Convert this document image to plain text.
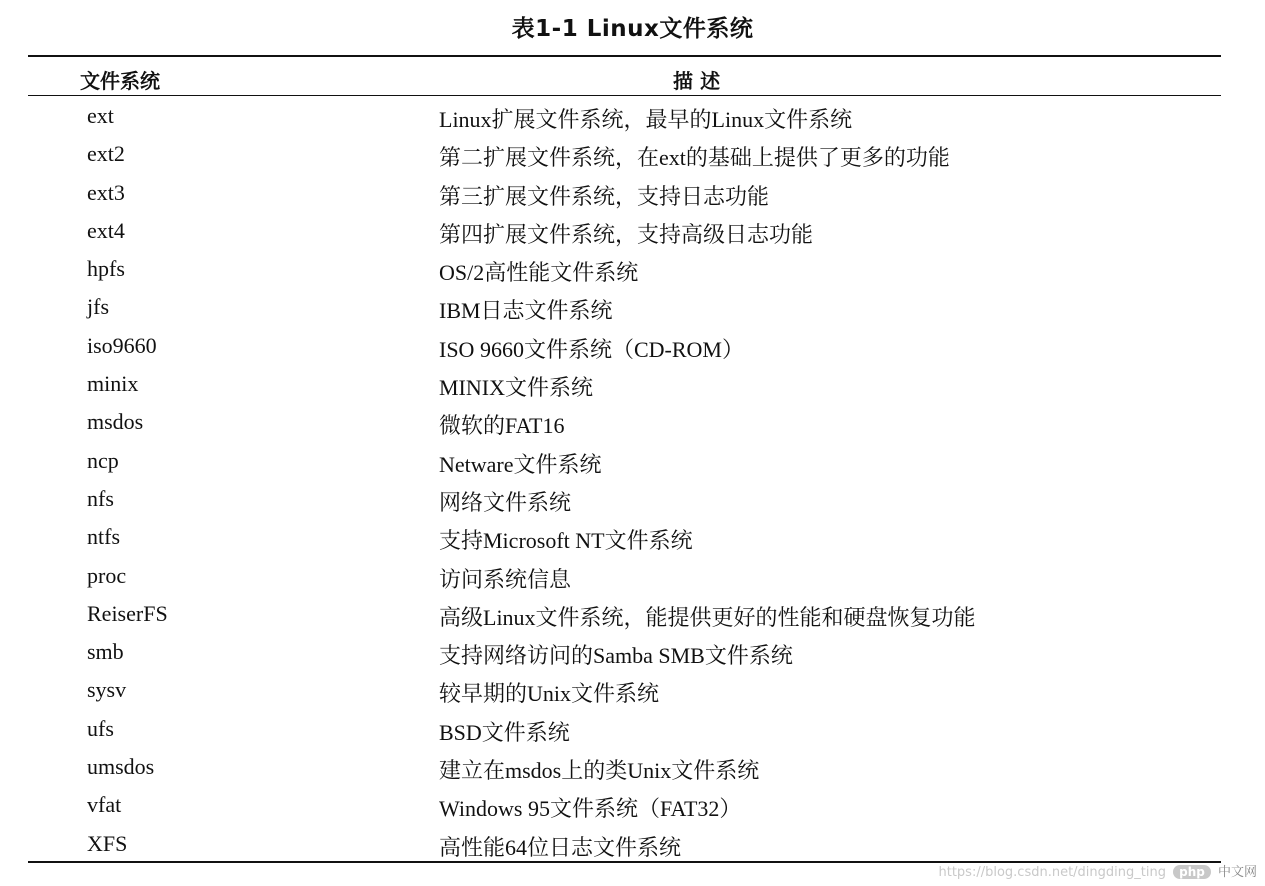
表1-1 Linux文件系统
文件系统	描 述
ext	Linux扩展文件系统，最早的Linux文件系统
ext2	第二扩展文件系统，在ext的基础上提供了更多的功能
ext3	第三扩展文件系统，支持日志功能
ext4	第四扩展文件系统，支持高级日志功能
hpfs	OS/2高性能文件系统
jfs	IBM日志文件系统
iso9660	ISO 9660文件系统（CD-ROM）
minix	MINIX文件系统
msdos	微软的FAT16
ncp	Netware文件系统
nfs	网络文件系统
ntfs	支持Microsoft NT文件系统
proc	访问系统信息
ReiserFS	高级Linux文件系统，能提供更好的性能和硬盘恢复功能
smb	支持网络访问的Samba SMB文件系统
sysv	较早期的Unix文件系统
ufs	BSD文件系统
umsdos	建立在msdos上的类Unix文件系统
vfat	Windows 95文件系统（FAT32）
XFS	高性能64位日志文件系统
https://blog.csdn.net/dingding_ting php 中文网
